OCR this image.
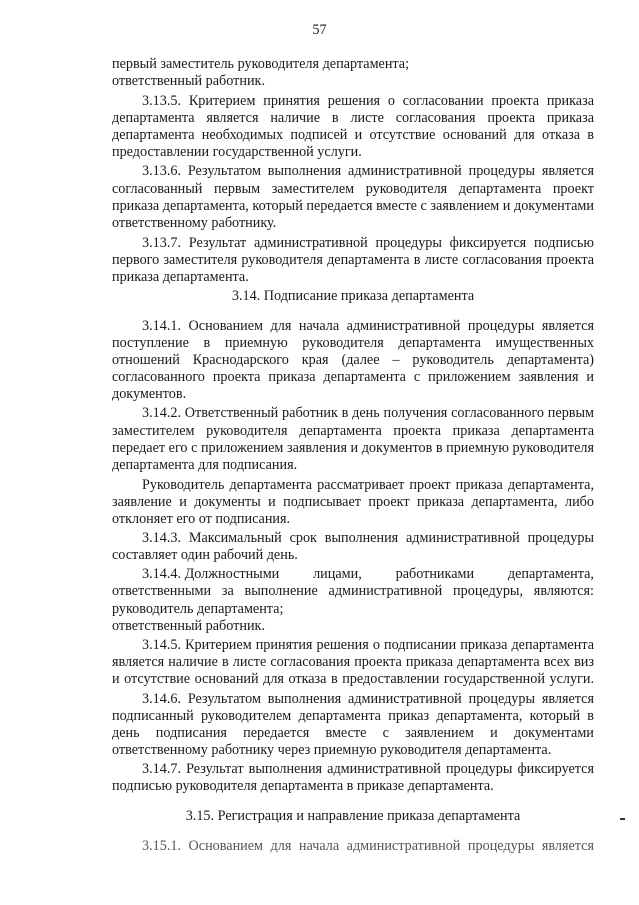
57
первый заместитель руководителя департамента;
ответственный работник.
3.13.5. Критерием принятия решения о согласовании проекта приказа
департамента является наличие в листе согласования проекта приказа
департамента необходимых подписей и отсутствие оснований для отказа в
предоставлении государственной услуги.
3.13.6. Результатом выполнения административной процедуры является
согласованный первым заместителем руководителя департамента проект
приказа департамента, который передается вместе с заявлением и документами
ответственному работнику.
3.13.7. Результат административной процедуры фиксируется подписью
первого заместителя руководителя департамента в листе согласования проекта
приказа департамента.
3.14. Подписание приказа департамента
3.14.1. Основанием для начала административной процедуры является
поступление в приемную руководителя департамента имущественных
отношений Краснодарского края (далее – руководитель департамента)
согласованного проекта приказа департамента с приложением заявления и
документов.
3.14.2. Ответственный работник в день получения согласованного первым
заместителем руководителя департамента проекта приказа департамента
передает его с приложением заявления и документов в приемную руководителя
департамента для подписания.
Руководитель департамента рассматривает проект приказа департамента,
заявление и документы и подписывает проект приказа департамента, либо
отклоняет его от подписания.
3.14.3. Максимальный срок выполнения административной процедуры
составляет один рабочий день.
3.14.4. Должностными лицами, работниками департамента,
ответственными за выполнение административной процедуры, являются:
руководитель департамента;
ответственный работник.
3.14.5. Критерием принятия решения о подписании приказа департамента
является наличие в листе согласования проекта приказа департамента всех виз
и отсутствие оснований для отказа в предоставлении государственной услуги.
3.14.6. Результатом выполнения административной процедуры является
подписанный руководителем департамента приказ департамента, который в
день подписания передается вместе с заявлением и документами
ответственному работнику через приемную руководителя департамента.
3.14.7. Результат выполнения административной процедуры фиксируется
подписью руководителя департамента в приказе департамента.
3.15. Регистрация и направление приказа департамента
3.15.1. Основанием для начала административной процедуры является
